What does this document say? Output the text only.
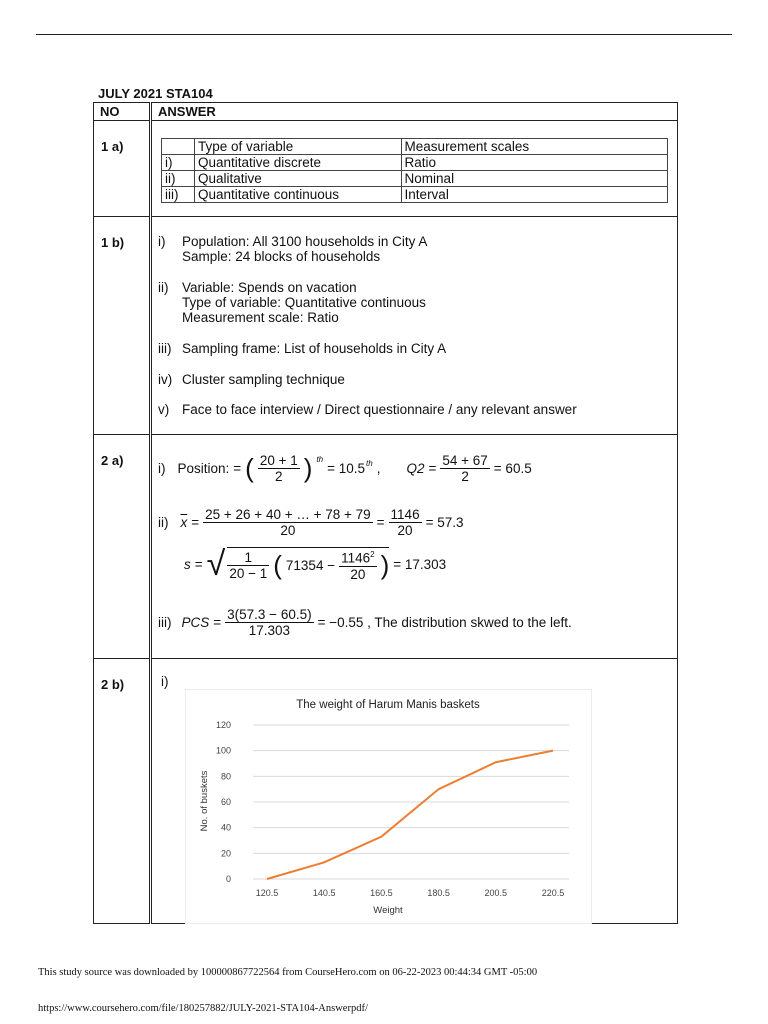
JULY 2021 STA104
NO	ANSWER
1 a)	
		Type of variable	Measurement scales
i)	Quantitative discrete	Ratio
ii)	Qualitative	Nominal
iii)	Quantitative continuous	Interval

1 b)	i) Population: All 3100 households in City A
Sample: 24 blocks of households
ii) Variable: Spends on vacation
Type of variable: Quantitative continuous
Measurement scale: Ratio
iii) Sampling frame: List of households in City A
iv) Cluster sampling technique
v) Face to face interview / Direct questionnaire / any relevant answer

2 a)	
i) Position: = ( $\frac{20 + 1}{2}$ ) $^{th}$
= 10.5th , $Q2 = \frac{54 + 67}{2} = 60.5$
ii) $\overline{x} = \frac{25 + 26 + 40 + \dots + 78 + 79}{20} = \frac{1146}{20} = 57.3$
s = √ $\frac{1}{20 - 1}$ ( $71354 - \frac{1146^2}{20}$ ) = 17.303
iii) PCS = $\frac{3(57.3 - 60.5)}{17.303} = -0.55$ , The distribution skwed to the left.

2 b)	i)
The weight of Harum Manis baskets
Weight
No. of buskets
0
20
40
60
80
100
120
120.5	140.5	160.5	180.5	200.5	220.5
This study source was downloaded by 100000867722564 from CourseHero.com on 06-22-2023 00:44:34 GMT -05:00
https://www.coursehero.com/file/180257882/JULY-2021-STA104-Answerpdf/
